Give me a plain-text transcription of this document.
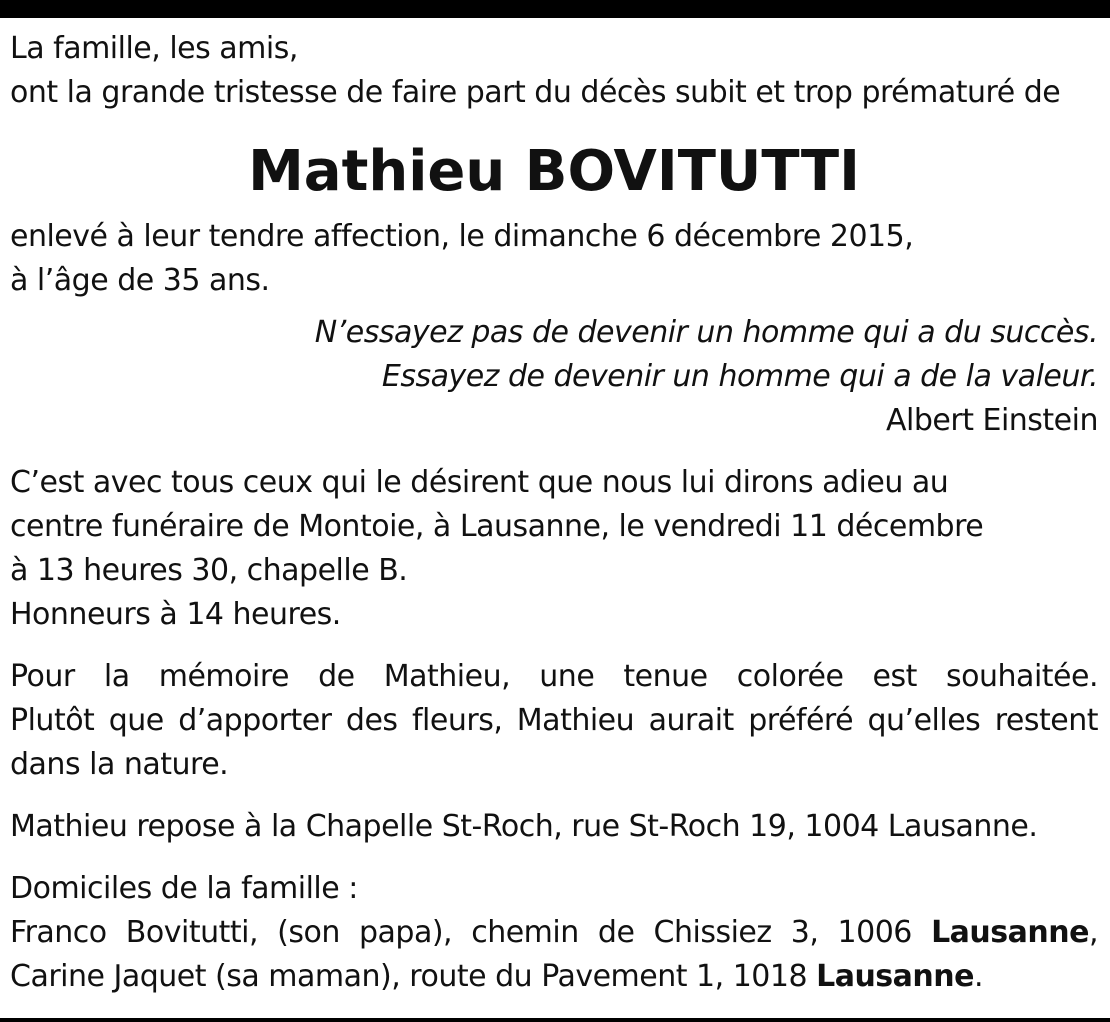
La famille, les amis,
ont la grande tristesse de faire part du décès subit et trop prématuré de
Mathieu BOVITUTTI
enlevé à leur tendre affection, le dimanche 6 décembre 2015,
à l’âge de 35 ans.
N’essayez pas de devenir un homme qui a du succès.
Essayez de devenir un homme qui a de la valeur.
Albert Einstein
C’est avec tous ceux qui le désirent que nous lui dirons adieu au
centre funéraire de Montoie, à Lausanne, le vendredi 11 décembre
à 13 heures 30, chapelle B.
Honneurs à 14 heures.
Pour la mémoire de Mathieu, une tenue colorée est souhaitée.
Plutôt que d’apporter des fleurs, Mathieu aurait préféré qu’elles restent
dans la nature.
Mathieu repose à la Chapelle St-Roch, rue St-Roch 19, 1004 Lausanne.
Domiciles de la famille :
Franco Bovitutti, (son papa), chemin de Chissiez 3, 1006 Lausanne,
Carine Jaquet (sa maman), route du Pavement 1, 1018 Lausanne.
